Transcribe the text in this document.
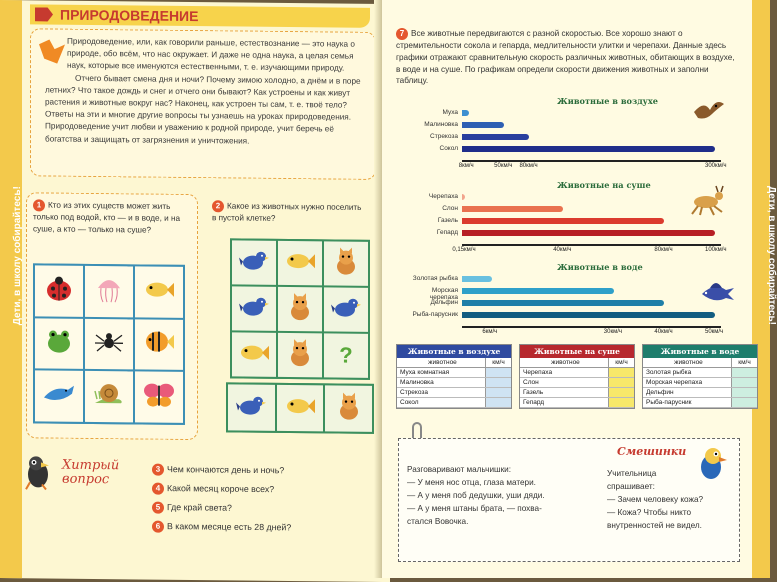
Дети, в школу собирайтесь!
ПРИРОДОВЕДЕНИЕ

Природоведение, или, как говорили раньше, естествознание — это наука о природе, обо всём, что нас окружает. И даже не одна наука, а целая семья наук, которые все именуются естественными, т. е. изучающими природу.

Отчего бывает смена дня и ночи? Почему зимою холодно, а днём и в поре летних? Что такое дождь и снег и отчего они бывают? Как устроены и как живут растения и животные вокруг нас? Наконец, как устроен ты сам, т. е. твоё тело? Ответы на эти и многие другие вопросы ты узнаешь на уроках природоведения. Природоведение учит любви и уважению к родной природе, учит беречь её богатства и защищать от загрязнения и уничтожения.

1 Кто из этих существ может жить только под водой, кто — и в воде, и на суше, а кто — только на суше?
2 Какое из животных нужно поселить в пустой клетке?
?
Хитрый
вопрос
3 Чем кончаются день и ночь?
4 Какой месяц короче всех?
5 Где край света?
6 В каком месяце есть 28 дней?
Дети, в школу собирайтесь!
7 Все животные передвигаются с разной скоростью. Все хорошо знают о стремительности сокола и гепарда, медлительности улитки и черепахи. Данные здесь графики отражают сравнительную скорость различных животных, обитающих в воздухе, в воде и на суше. По графикам определи скорости движения животных и заполни таблицу.
Животные в воздухе
Муха
Малиновка
Стрекоза
Сокол
8км/ч	50км/ч 80км/ч	300км/ч
Животные на суше
Черепаха
Слон
Газель
Гепард
0,15км/ч	40км/ч	80км/ч	100км/ч
Животные в воде
Золотая рыбка
Морская черепаха
Дельфин
Рыба-парусник
6км/ч	30км/ч	40км/ч	50км/ч
Животные в воздухе
животное	км/ч
Муха комнатная
Малиновка
Стрекоза
Сокол
Животные на суше
животное	км/ч
Черепаха
Слон
Газель
Гепард
Животные в воде
животное	км/ч
Золотая рыбка
Морская черепаха
Дельфин
Рыба-парусник
Разговаривают мальчишки:
— У меня нос отца, глаза матери.
— А у меня поб дедушки, уши дяди.
— А у меня штаны брата, — похва-
стался Вовочка.
Смешинки
Учительница
спрашивает:
— Зачем человеку кожа?
— Кожа? Чтобы никто
внутренностей не видел.
